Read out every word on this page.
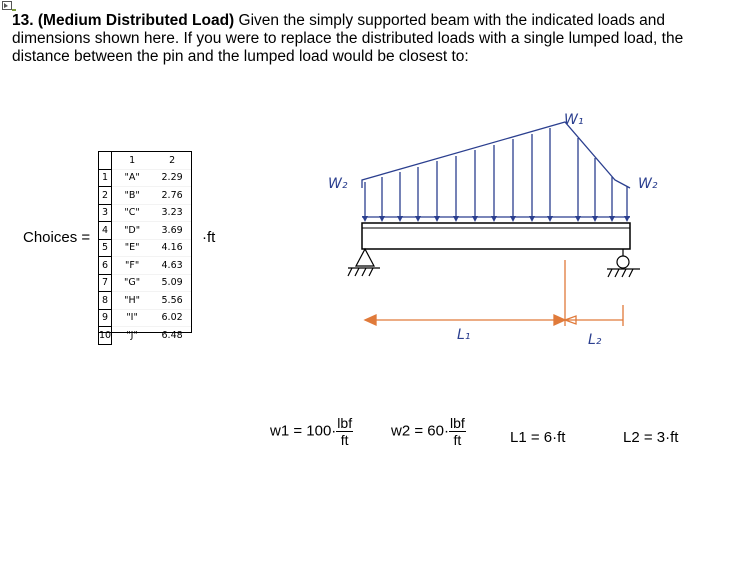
13. (Medium Distributed Load) Given the simply supported beam with the indicated loads and dimensions shown here. If you were to replace the distributed loads with a single lumped load, the distance between the pin and the lumped load would be closest to:
Choices =
	1	2
1	"A"	2.29
2	"B"	2.76
3	"C"	3.23
4	"D"	3.69
5	"E"	4.16
6	"F"	4.63
7	"G"	5.09
8	"H"	5.56
9	"I"	6.02
10	"J"	6.48
·ft
W₁
W₂	W₂
L₁	L₂
$w1 = 100\cdot \frac{\text{lbf}}{ft}$	$w2 = 60\cdot \frac{\text{lbf}}{ft}$	L1 = 6·ft	L2 = 3·ft
